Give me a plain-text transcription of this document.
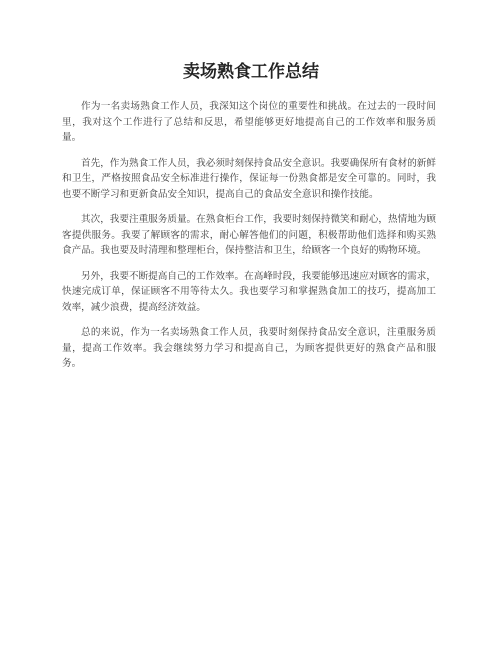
卖场熟食工作总结

作为一名卖场熟食工作人员，我深知这个岗位的重要性和挑战。在过去的一段时间里，我对这个工作进行了总结和反思，希望能够更好地提高自己的工作效率和服务质量。

首先，作为熟食工作人员，我必须时刻保持食品安全意识。我要确保所有食材的新鲜和卫生，严格按照食品安全标准进行操作，保证每一份熟食都是安全可靠的。同时，我也要不断学习和更新食品安全知识，提高自己的食品安全意识和操作技能。

其次，我要注重服务质量。在熟食柜台工作，我要时刻保持微笑和耐心，热情地为顾客提供服务。我要了解顾客的需求，耐心解答他们的问题，积极帮助他们选择和购买熟食产品。我也要及时清理和整理柜台，保持整洁和卫生，给顾客一个良好的购物环境。

另外，我要不断提高自己的工作效率。在高峰时段，我要能够迅速应对顾客的需求，快速完成订单，保证顾客不用等待太久。我也要学习和掌握熟食加工的技巧，提高加工效率，减少浪费，提高经济效益。

总的来说，作为一名卖场熟食工作人员，我要时刻保持食品安全意识，注重服务质量，提高工作效率。我会继续努力学习和提高自己，为顾客提供更好的熟食产品和服务。
